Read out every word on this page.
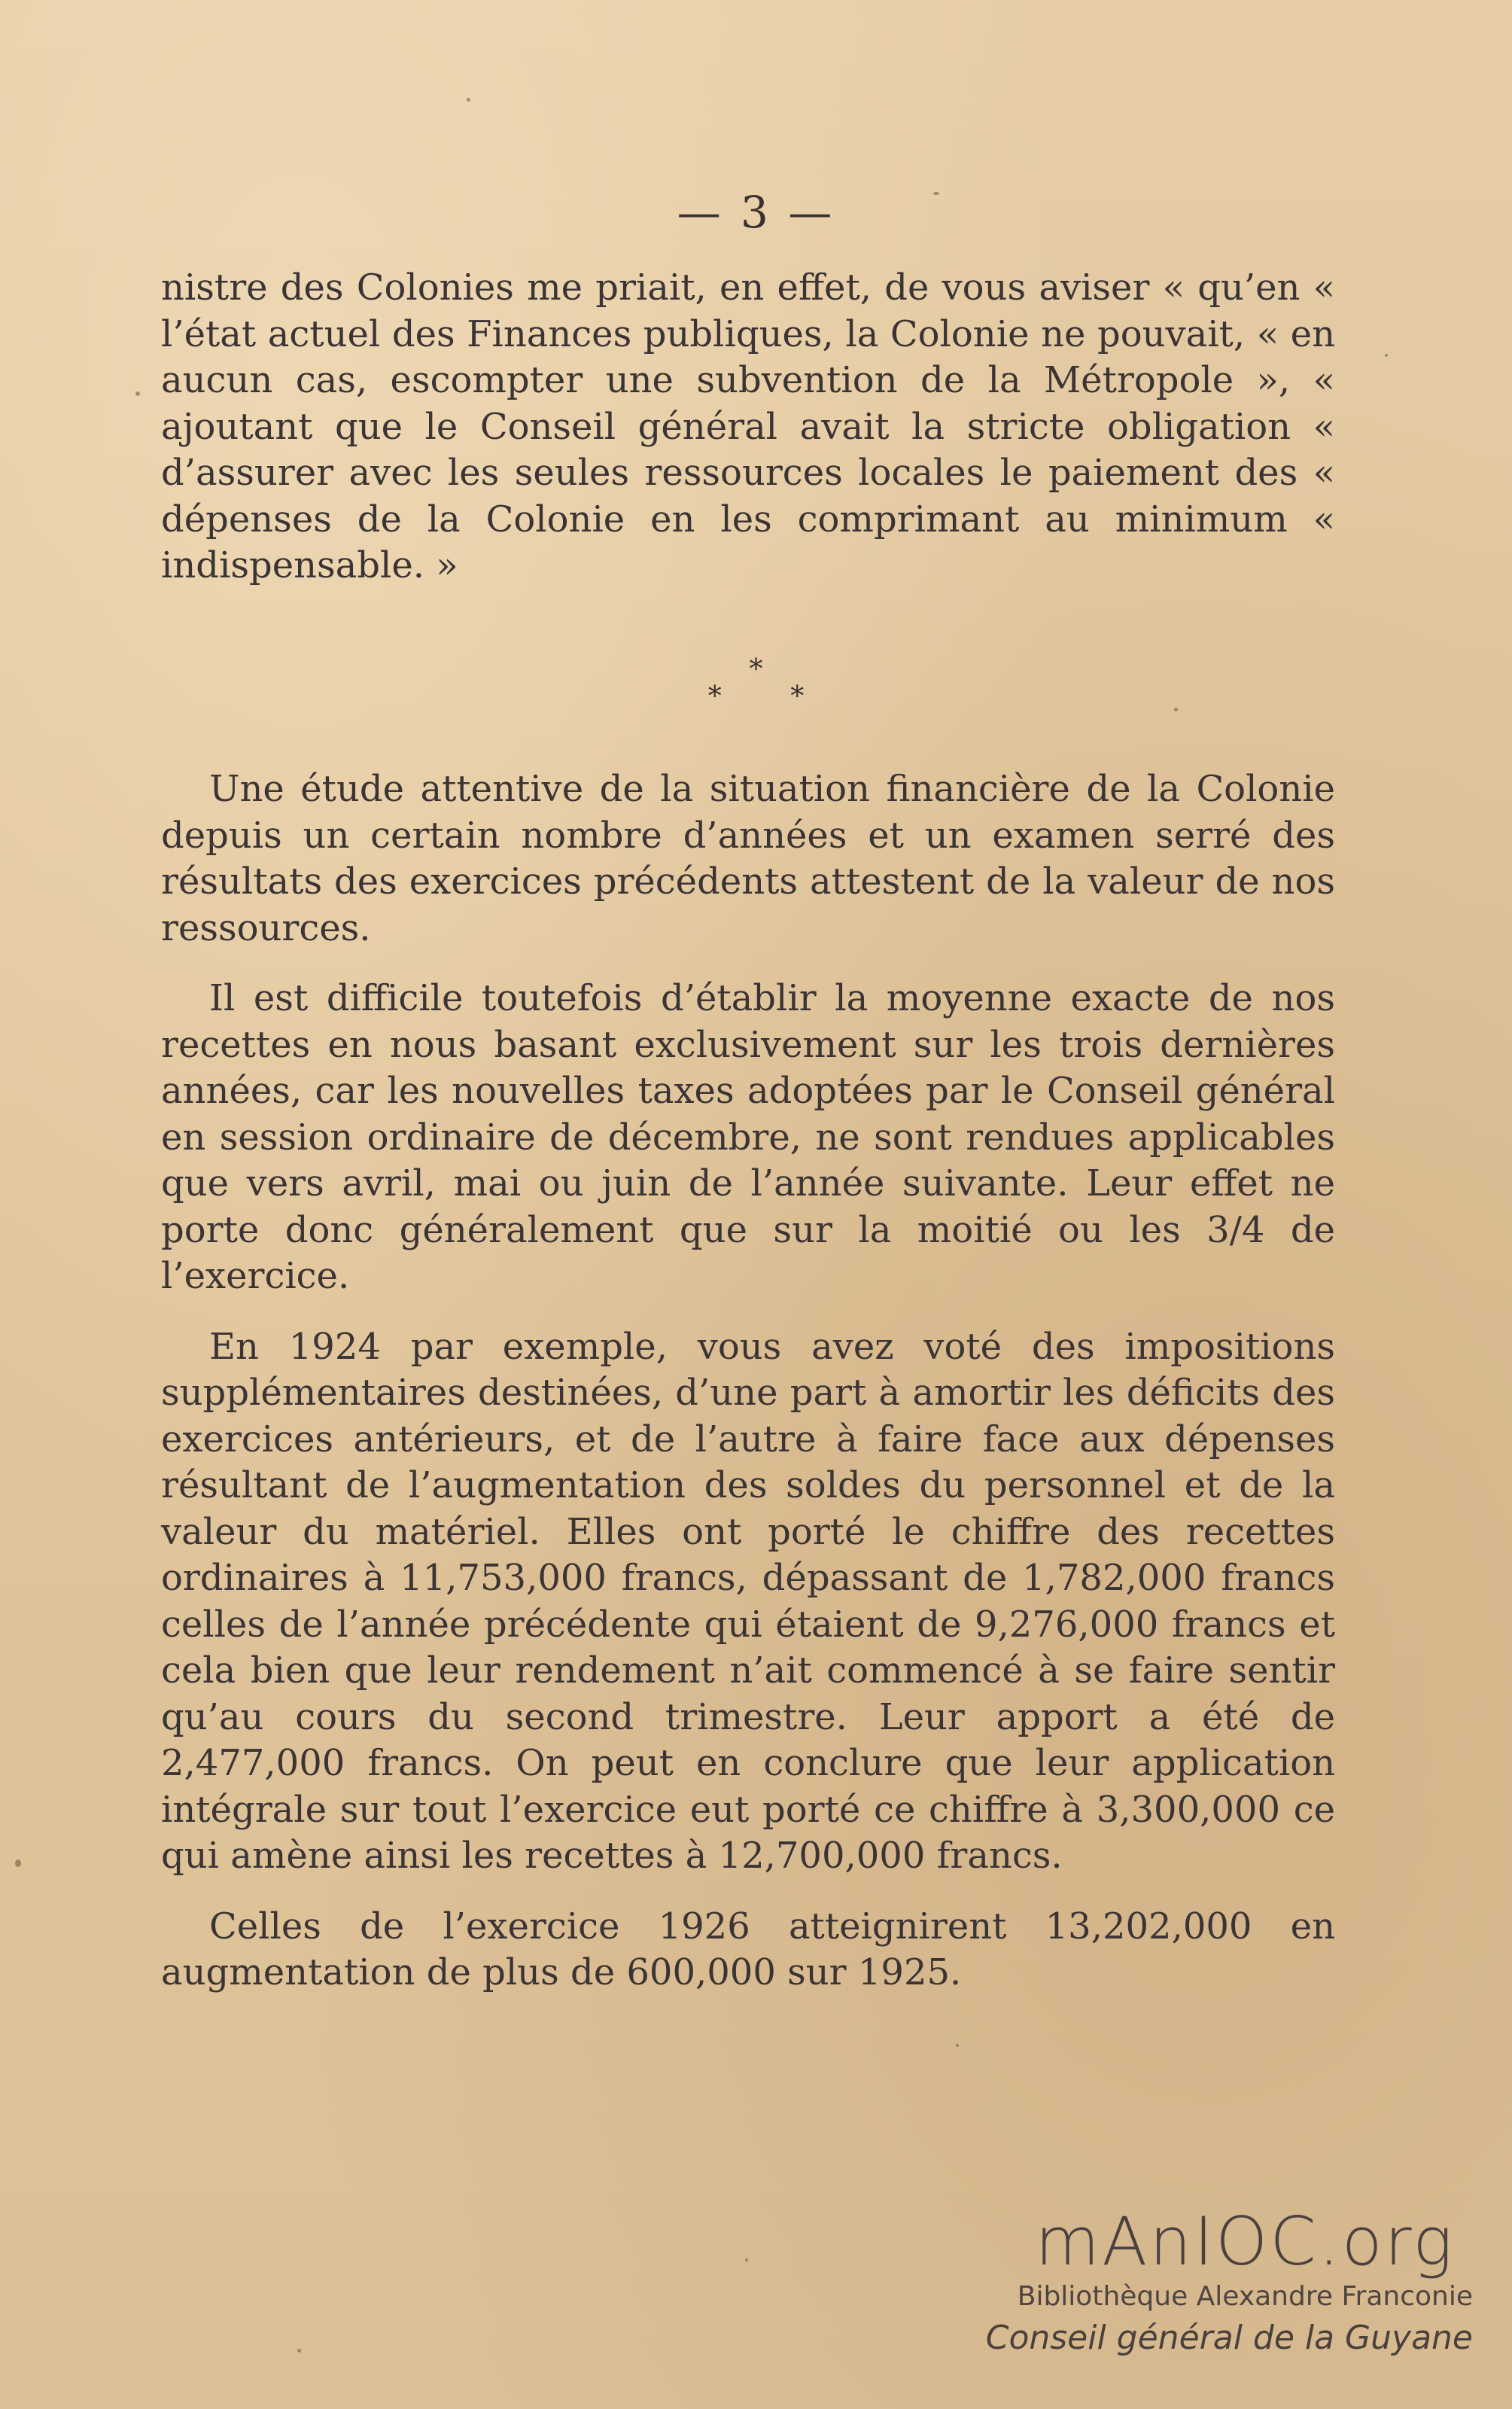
— 3 —

nistre des Colonies me priait, en effet, de vous aviser « qu’en « l’état actuel des Finances publiques, la Colonie ne pouvait, « en aucun cas, escompter une subvention de la Métropole », « ajoutant que le Conseil général avait la stricte obligation « d’assurer avec les seules ressources locales le paiement des « dépenses de la Colonie en les comprimant au minimum « indispensable. »

*
* *

Une étude attentive de la situation financière de la Colonie depuis un certain nombre d’années et un examen serré des résultats des exercices précédents attestent de la valeur de nos ressources.

Il est difficile toutefois d’établir la moyenne exacte de nos recettes en nous basant exclusivement sur les trois dernières années, car les nouvelles taxes adoptées par le Conseil général en session ordinaire de décembre, ne sont rendues applicables que vers avril, mai ou juin de l’année suivante. Leur effet ne porte donc généralement que sur la moitié ou les 3/4 de l’exercice.

En 1924 par exemple, vous avez voté des impositions supplémentaires destinées, d’une part à amortir les déficits des exercices antérieurs, et de l’autre à faire face aux dépenses résultant de l’augmentation des soldes du personnel et de la valeur du matériel. Elles ont porté le chiffre des recettes ordinaires à 11,753,000 francs, dépassant de 1,782,000 francs celles de l’année précédente qui étaient de 9,276,000 francs et cela bien que leur rendement n’ait commencé à se faire sentir qu’au cours du second trimestre. Leur apport a été de 2,477,000 francs. On peut en conclure que leur application intégrale sur tout l’exercice eut porté ce chiffre à 3,300,000 ce qui amène ainsi les recettes à 12,700,000 francs.

Celles de l’exercice 1926 atteignirent 13,202,000 en augmentation de plus de 600,000 sur 1925.

mAnIOC.org
Bibliothèque Alexandre Franconie
Conseil général de la Guyane
